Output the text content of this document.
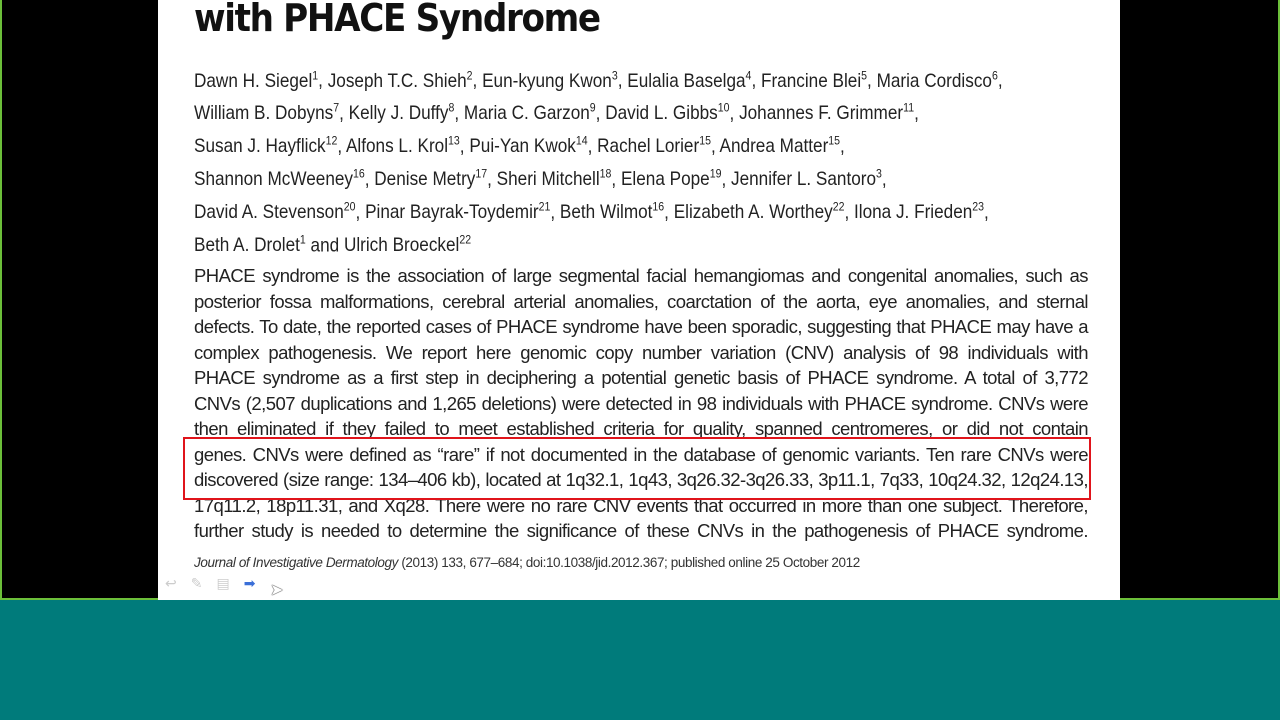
with PHACE Syndrome
Dawn H. Siegel$^1$, Joseph T.C. Shieh$^2$, Eun-kyung Kwon$^3$, Eulalia Baselga$^4$, Francine Blei$^5$, Maria Cordisco$^6$,
William B. Dobyns$^7$, Kelly J. Duffy$^8$, Maria C. Garzon$^9$, David L. Gibbs$^{10}$, Johannes F. Grimmer$^{11}$,
Susan J. Hayflick$^{12}$, Alfons L. Krol$^{13}$, Pui-Yan Kwok$^{14}$, Rachel Lorier$^{15}$, Andrea Matter$^{15}$,
Shannon McWeeney$^{16}$, Denise Metry$^{17}$, Sheri Mitchell$^{18}$, Elena Pope$^{19}$, Jennifer L. Santoro$^3$,
David A. Stevenson$^{20}$, Pinar Bayrak-Toydemir$^{21}$, Beth Wilmot$^{16}$, Elizabeth A. Worthey$^{22}$, Ilona J. Frieden$^{23}$,
Beth A. Drolet$^1$ and Ulrich Broeckel$^{22}$
PHACE syndrome is the association of large segmental facial hemangiomas and congenital anomalies, such as
posterior fossa malformations, cerebral arterial anomalies, coarctation of the aorta, eye anomalies, and sternal
defects. To date, the reported cases of PHACE syndrome have been sporadic, suggesting that PHACE may have a
complex pathogenesis. We report here genomic copy number variation (CNV) analysis of 98 individuals with
PHACE syndrome as a first step in deciphering a potential genetic basis of PHACE syndrome. A total of 3,772
CNVs (2,507 duplications and 1,265 deletions) were detected in 98 individuals with PHACE syndrome. CNVs were
then eliminated if they failed to meet established criteria for quality, spanned centromeres, or did not contain
genes. CNVs were defined as “rare” if not documented in the database of genomic variants. Ten rare CNVs were
discovered (size range: 134–406 kb), located at 1q32.1, 1q43, 3q26.32-3q26.33, 3p11.1, 7q33, 10q24.32, 12q24.13,
17q11.2, 18p11.31, and Xq28. There were no rare CNV events that occurred in more than one subject. Therefore,
further study is needed to determine the significance of these CNVs in the pathogenesis of PHACE syndrome.
Journal of Investigative Dermatology (2013) 133, 677–684; doi:10.1038/jid.2012.367; published online 25 October 2012
↩ ✎ ▤ ➡ ➤
